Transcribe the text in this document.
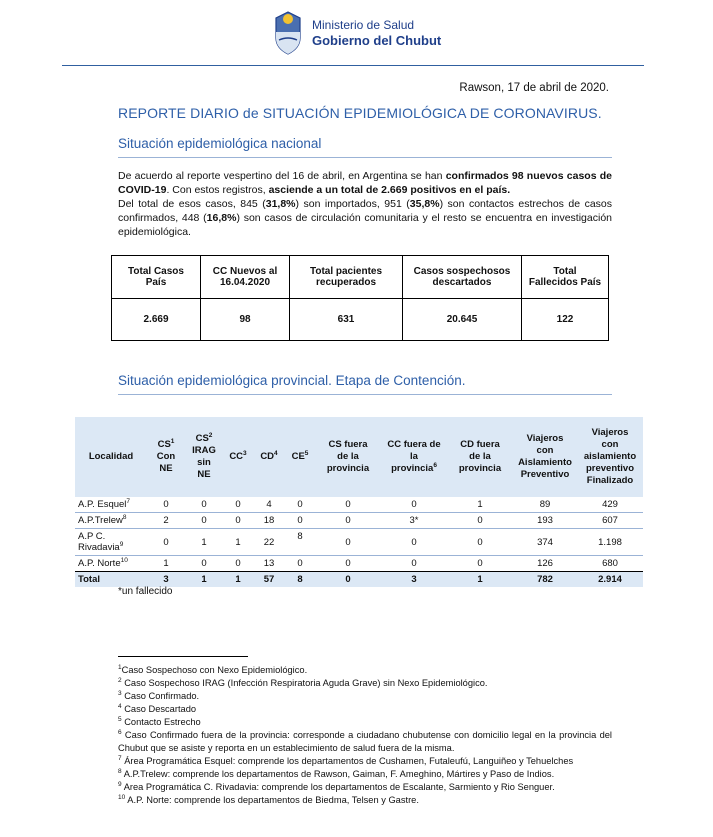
Ministerio de Salud
Gobierno del Chubut
Rawson, 17 de abril de 2020.
REPORTE DIARIO de SITUACIÓN EPIDEMIOLÓGICA DE CORONAVIRUS.
Situación epidemiológica nacional

De acuerdo al reporte vespertino del 16 de abril, en Argentina se han confirmados 98 nuevos casos de COVID-19. Con estos registros, asciende a un total de 2.669 positivos en el país.

Del total de esos casos, 845 (31,8%) son importados, 951 (35,8%) son contactos estrechos de casos confirmados, 448 (16,8%) son casos de circulación comunitaria y el resto se encuentra en investigación epidemiológica.

Total Casos
País	CC Nuevos al
16.04.2020	Total pacientes
recuperados	Casos sospechosos
descartados	Total
Fallecidos País
2.669	98	631	20.645	122
Situación epidemiológica provincial. Etapa de Contención.
Localidad	$CS^1$
Con
NE	$CS^2$
IRAG
sin
NE	$CC^3$	$CD^4$	$CE^5$	CS fuera
de la
provincia	CC fuera de
la
provincia$^6$	CD fuera
de la
provincia	Viajeros
con
Aislamiento
Preventivo	Viajeros
con
aislamiento
preventivo
Finalizado
A.P. Esquel$^7$	0	0	0	4	0	0	0	1	89	429
A.P.Trelew$^8$	2	0	0	18	0	0	3*	0	193	607
A.P C.
Rivadavia$^9$	0	1	1	22	8	0	0	0	374	1.198
A.P. Norte$^{10}$	1	0	0	13	0	0	0	0	126	680
Total	3	1	1	57	8	0	3	1	782	2.914
*un fallecido
$^1$Caso Sospechoso con Nexo Epidemiológico.
$^2$ Caso Sospechoso IRAG (Infección Respiratoria Aguda Grave) sin Nexo Epidemiológico.
$^3$ Caso Confirmado.
$^4$ Caso Descartado
$^5$ Contacto Estrecho
$^6$ Caso Confirmado fuera de la provincia: corresponde a ciudadano chubutense con domicilio legal en la provincia del Chubut que se asiste y reporta en un establecimiento de salud fuera de la misma.
$^7$ Área Programática Esquel: comprende los departamentos de Cushamen, Futaleufú, Languiñeo y Tehuelches
$^8$ A.P.Trelew: comprende los departamentos de Rawson, Gaiman, F. Ameghino, Mártires y Paso de Indios.
$^9$ Area Programática C. Rivadavia: comprende los departamentos de Escalante, Sarmiento y Rio Senguer.
$^{10}$ A.P. Norte: comprende los departamentos de Biedma, Telsen y Gastre.
